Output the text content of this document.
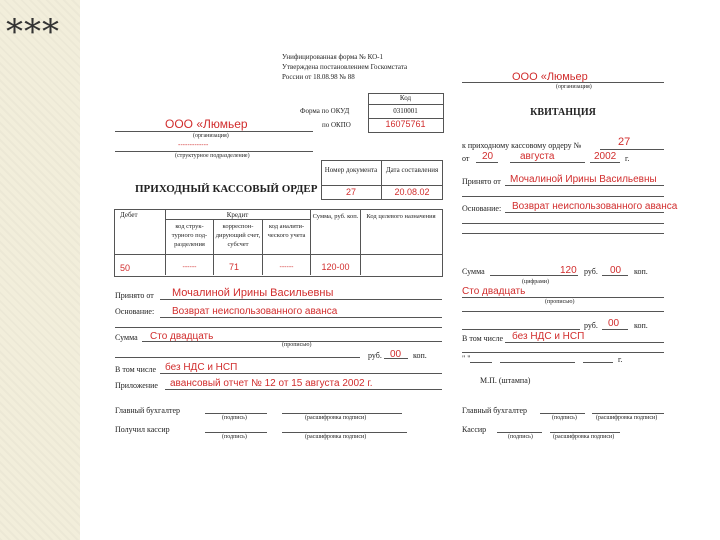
***
Унифицированная форма № КО-1
Утверждена постановлением Госкомстата
России от 18.08.98 № 88
Код
Форма по ОКУД	0310001
по ОКПО	16075761
ООО «Люмьер
(организация)
-------------
(структурное подразделение)
Номер документа	Дата составления
27	20.08.02
ПРИХОДНЫЙ КАССОВЫЙ ОРДЕР
Дебет	Кредит
код струк- турного под- разделения
корреспон- дирующий счет, субсчет
код аналити- ческого учета
Сумма, руб. коп.	Код целевого назначения
50	------	71	------	120-00
Принято от Мочалиной Ирины Васильевны
Основание: Возврат неиспользованного аванса
Сумма Сто двадцать
(прописью)
руб. 00 коп.
В том числе без НДС и НСП
Приложение авансовый отчет № 12 от 15 августа 2002 г.
Главный бухгалтер
(подпись)	(расшифровка подписи)
Получил кассир
(подпись)	(расшифровка подписи)
ООО «Люмьер
(организация)
КВИТАНЦИЯ
к приходному кассовому ордеру №	27
от 20	августа	2002 г.
Принято от Мочалиной Ирины Васильевны
Основание: Возврат неиспользованного аванса
Сумма	120 руб. 00 коп.
(цифрами)
Сто двадцать
(прописью)
руб. 00 коп.
В том числе без НДС и НСП
" "	г.
М.П. (штампа)
Главный бухгалтер
(подпись)	(расшифровка подписи)
Кассир
(подпись)	(расшифровка подписи)
